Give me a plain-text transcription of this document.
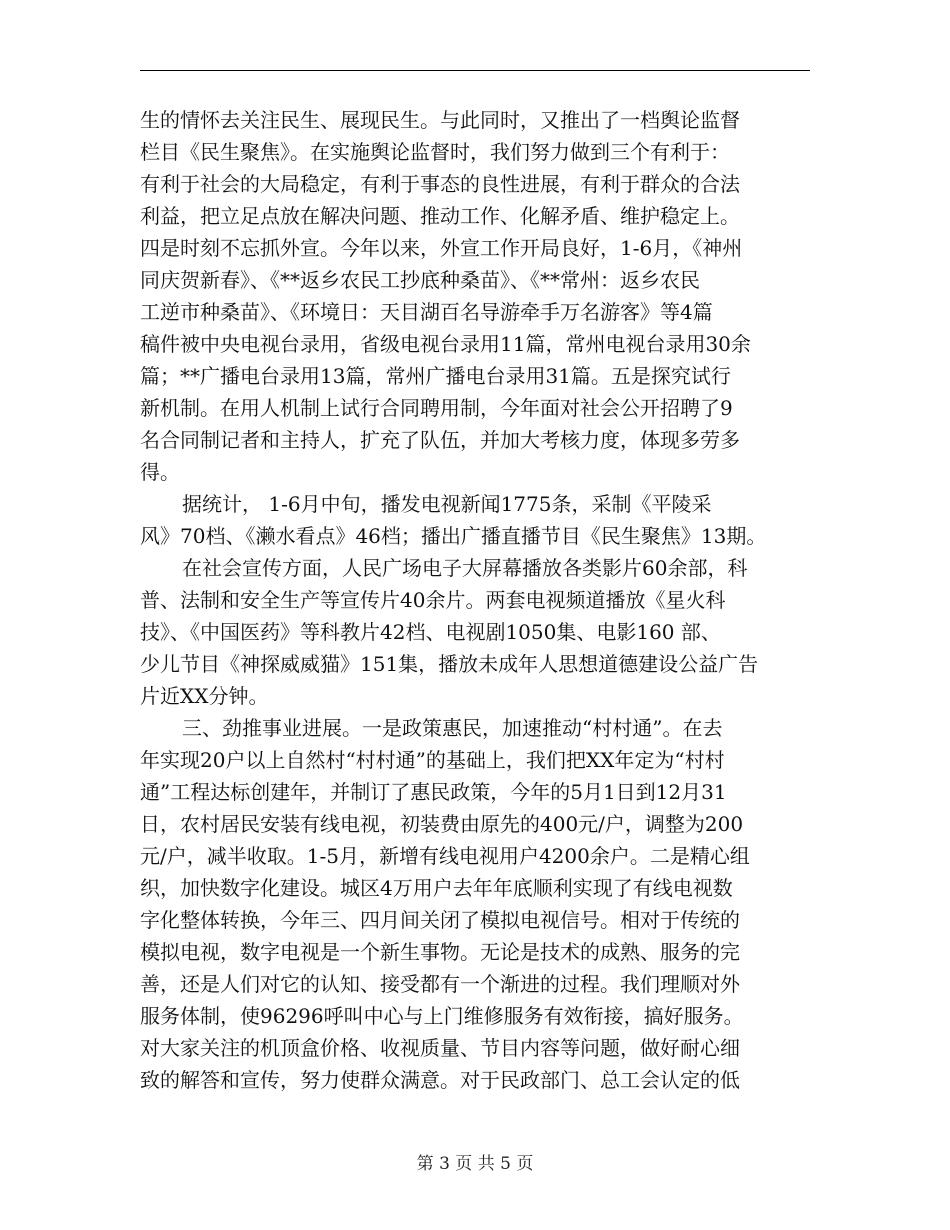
生的情怀去关注民生、展现民生。与此同时，又推出了一档舆论监督
栏目《民生聚焦》。在实施舆论监督时，我们努力做到三个有利于：
有利于社会的大局稳定，有利于事态的良性进展，有利于群众的合法
利益，把立足点放在解决问题、推动工作、化解矛盾、维护稳定上。
四是时刻不忘抓外宣。今年以来，外宣工作开局良好，1-6月，《神州
同庆贺新春》、《**返乡农民工抄底种桑苗》、《**常州：返乡农民
工逆市种桑苗》、《环境日：天目湖百名导游牵手万名游客》等4篇
稿件被中央电视台录用，省级电视台录用11篇，常州电视台录用30余
篇；**广播电台录用13篇，常州广播电台录用31篇。五是探究试行
新机制。在用人机制上试行合同聘用制，今年面对社会公开招聘了9
名合同制记者和主持人，扩充了队伍，并加大考核力度，体现多劳多
得。
据统计， 1-6月中旬，播发电视新闻1775条，采制《平陵采
风》70档、《濑水看点》46档；播出广播直播节目《民生聚焦》13期。
在社会宣传方面，人民广场电子大屏幕播放各类影片60余部，科
普、法制和安全生产等宣传片40余片。两套电视频道播放《星火科
技》、《中国医药》等科教片42档、电视剧1050集、电影160 部、
少儿节目《神探威威猫》151集，播放未成年人思想道德建设公益广告
片近XX分钟。
三、劲推事业进展。一是政策惠民，加速推动“村村通”。在去
年实现20户以上自然村“村村通”的基础上，我们把XX年定为“村村
通”工程达标创建年，并制订了惠民政策，今年的5月1日到12月31
日，农村居民安装有线电视，初装费由原先的400元/户，调整为200
元/户，减半收取。1-5月，新增有线电视用户4200余户。二是精心组
织，加快数字化建设。城区4万用户去年年底顺利实现了有线电视数
字化整体转换，今年三、四月间关闭了模拟电视信号。相对于传统的
模拟电视，数字电视是一个新生事物。无论是技术的成熟、服务的完
善，还是人们对它的认知、接受都有一个渐进的过程。我们理顺对外
服务体制，使96296呼叫中心与上门维修服务有效衔接，搞好服务。
对大家关注的机顶盒价格、收视质量、节目内容等问题，做好耐心细
致的解答和宣传，努力使群众满意。对于民政部门、总工会认定的低
第 3 页 共 5 页
